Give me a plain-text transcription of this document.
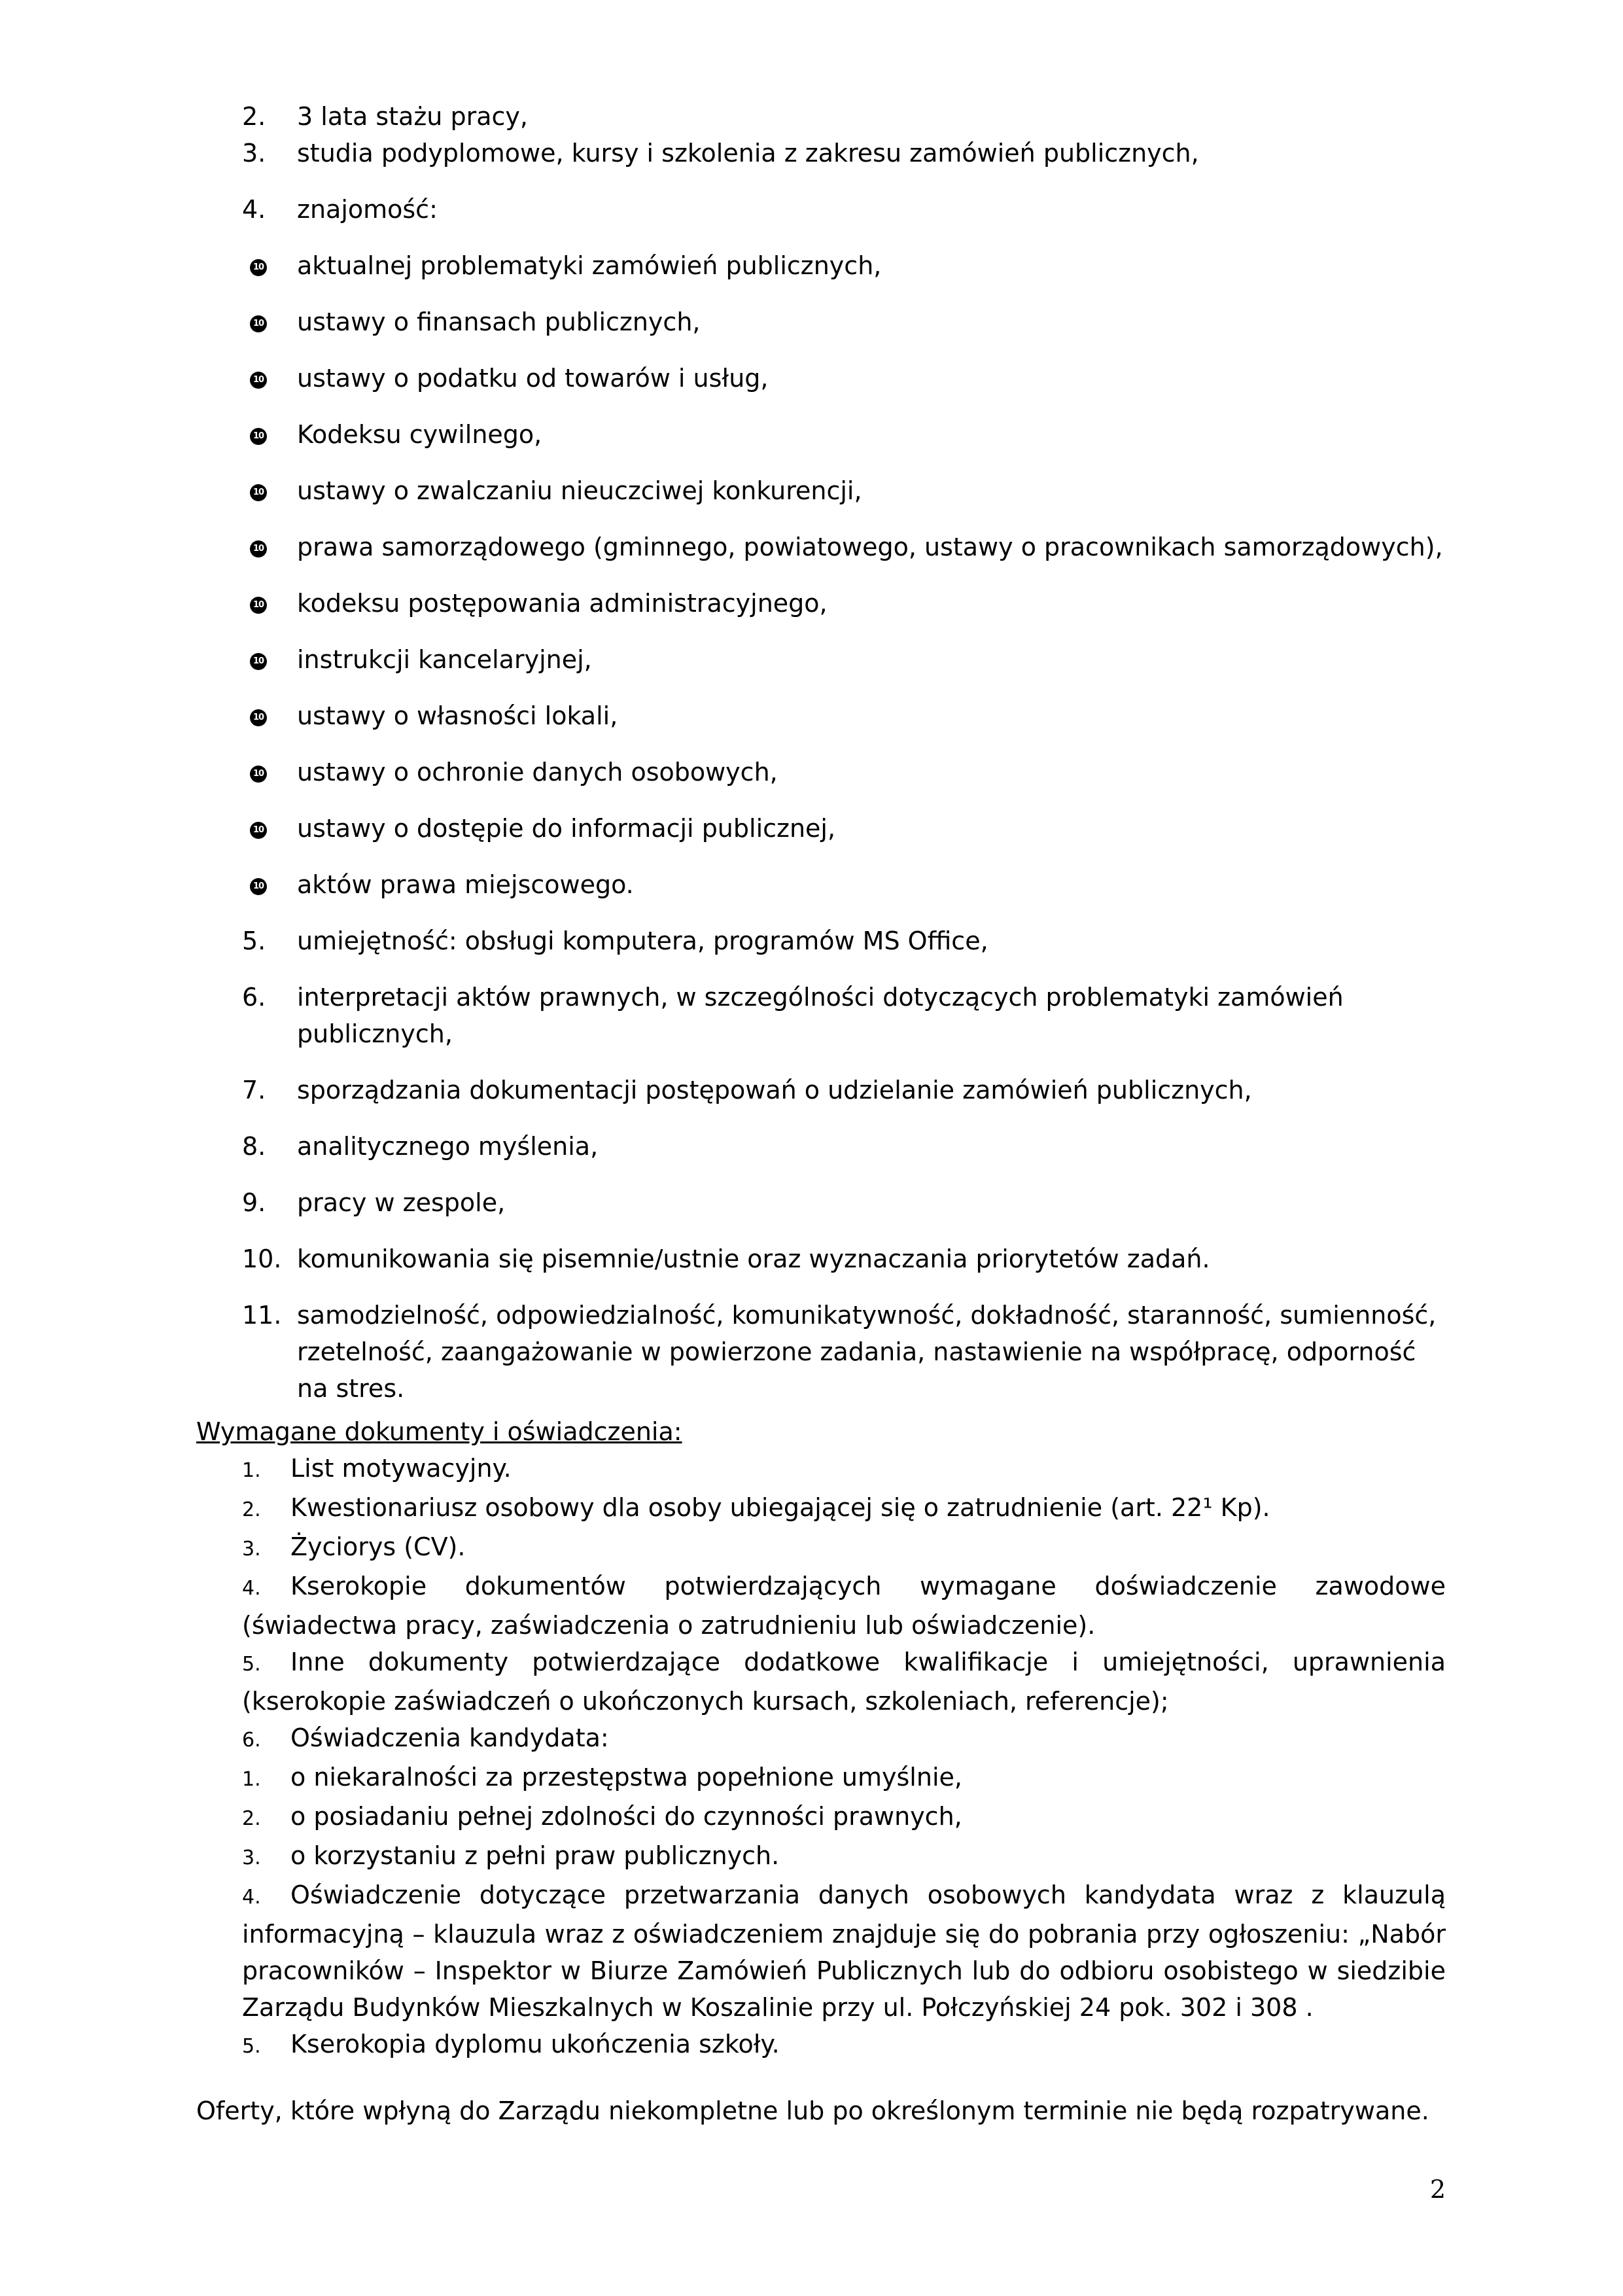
2.	3 lata stażu pracy,
3.	studia podyplomowe, kursy i szkolenia z zakresu zamówień publicznych,
4.	znajomość:
10 aktualnej problematyki zamówień publicznych,
10 ustawy o finansach publicznych,
10 ustawy o podatku od towarów i usług,
10 Kodeksu cywilnego,
10 ustawy o zwalczaniu nieuczciwej konkurencji,
10 prawa samorządowego (gminnego, powiatowego, ustawy o pracownikach samorządowych),
10 kodeksu postępowania administracyjnego,
10 instrukcji kancelaryjnej,
10 ustawy o własności lokali,
10 ustawy o ochronie danych osobowych,
10 ustawy o dostępie do informacji publicznej,
10 aktów prawa miejscowego.
5.	umiejętność: obsługi komputera, programów MS Office,
6.	interpretacji aktów prawnych, w szczególności dotyczących problematyki zamówień publicznych,
7.	sporządzania dokumentacji postępowań o udzielanie zamówień publicznych,
8.	analitycznego myślenia,
9.	pracy w zespole,
10. komunikowania się pisemnie/ustnie oraz wyznaczania priorytetów zadań.
11. samodzielność, odpowiedzialność, komunikatywność, dokładność, staranność, sumienność, rzetelność, zaangażowanie w powierzone zadania, nastawienie na współpracę, odporność na stres.

Wymagane dokumenty i oświadczenia:

1. List motywacyjny.
2. Kwestionariusz osobowy dla osoby ubiegającej się o zatrudnienie (art. 22¹ Kp).
3. Życiorys (CV).
4. Kserokopie dokumentów potwierdzających wymagane doświadczenie zawodowe (świadectwa pracy, zaświadczenia o zatrudnieniu lub oświadczenie).
5. Inne dokumenty potwierdzające dodatkowe kwalifikacje i umiejętności, uprawnienia (kserokopie zaświadczeń o ukończonych kursach, szkoleniach, referencje);
6. Oświadczenia kandydata:
1. o niekaralności za przestępstwa popełnione umyślnie,
2. o posiadaniu pełnej zdolności do czynności prawnych,
3. o korzystaniu z pełni praw publicznych.
4. Oświadczenie dotyczące przetwarzania danych osobowych kandydata wraz z klauzulą informacyjną – klauzula wraz z oświadczeniem znajduje się do pobrania przy ogłoszeniu: „Nabór pracowników – Inspektor w Biurze Zamówień Publicznych lub do odbioru osobistego w siedzibie Zarządu Budynków Mieszkalnych w Koszalinie przy ul. Połczyńskiej 24 pok. 302 i 308 .
5. Kserokopia dyplomu ukończenia szkoły.

Oferty, które wpłyną do Zarządu niekompletne lub po określonym terminie nie będą rozpatrywane.

2
